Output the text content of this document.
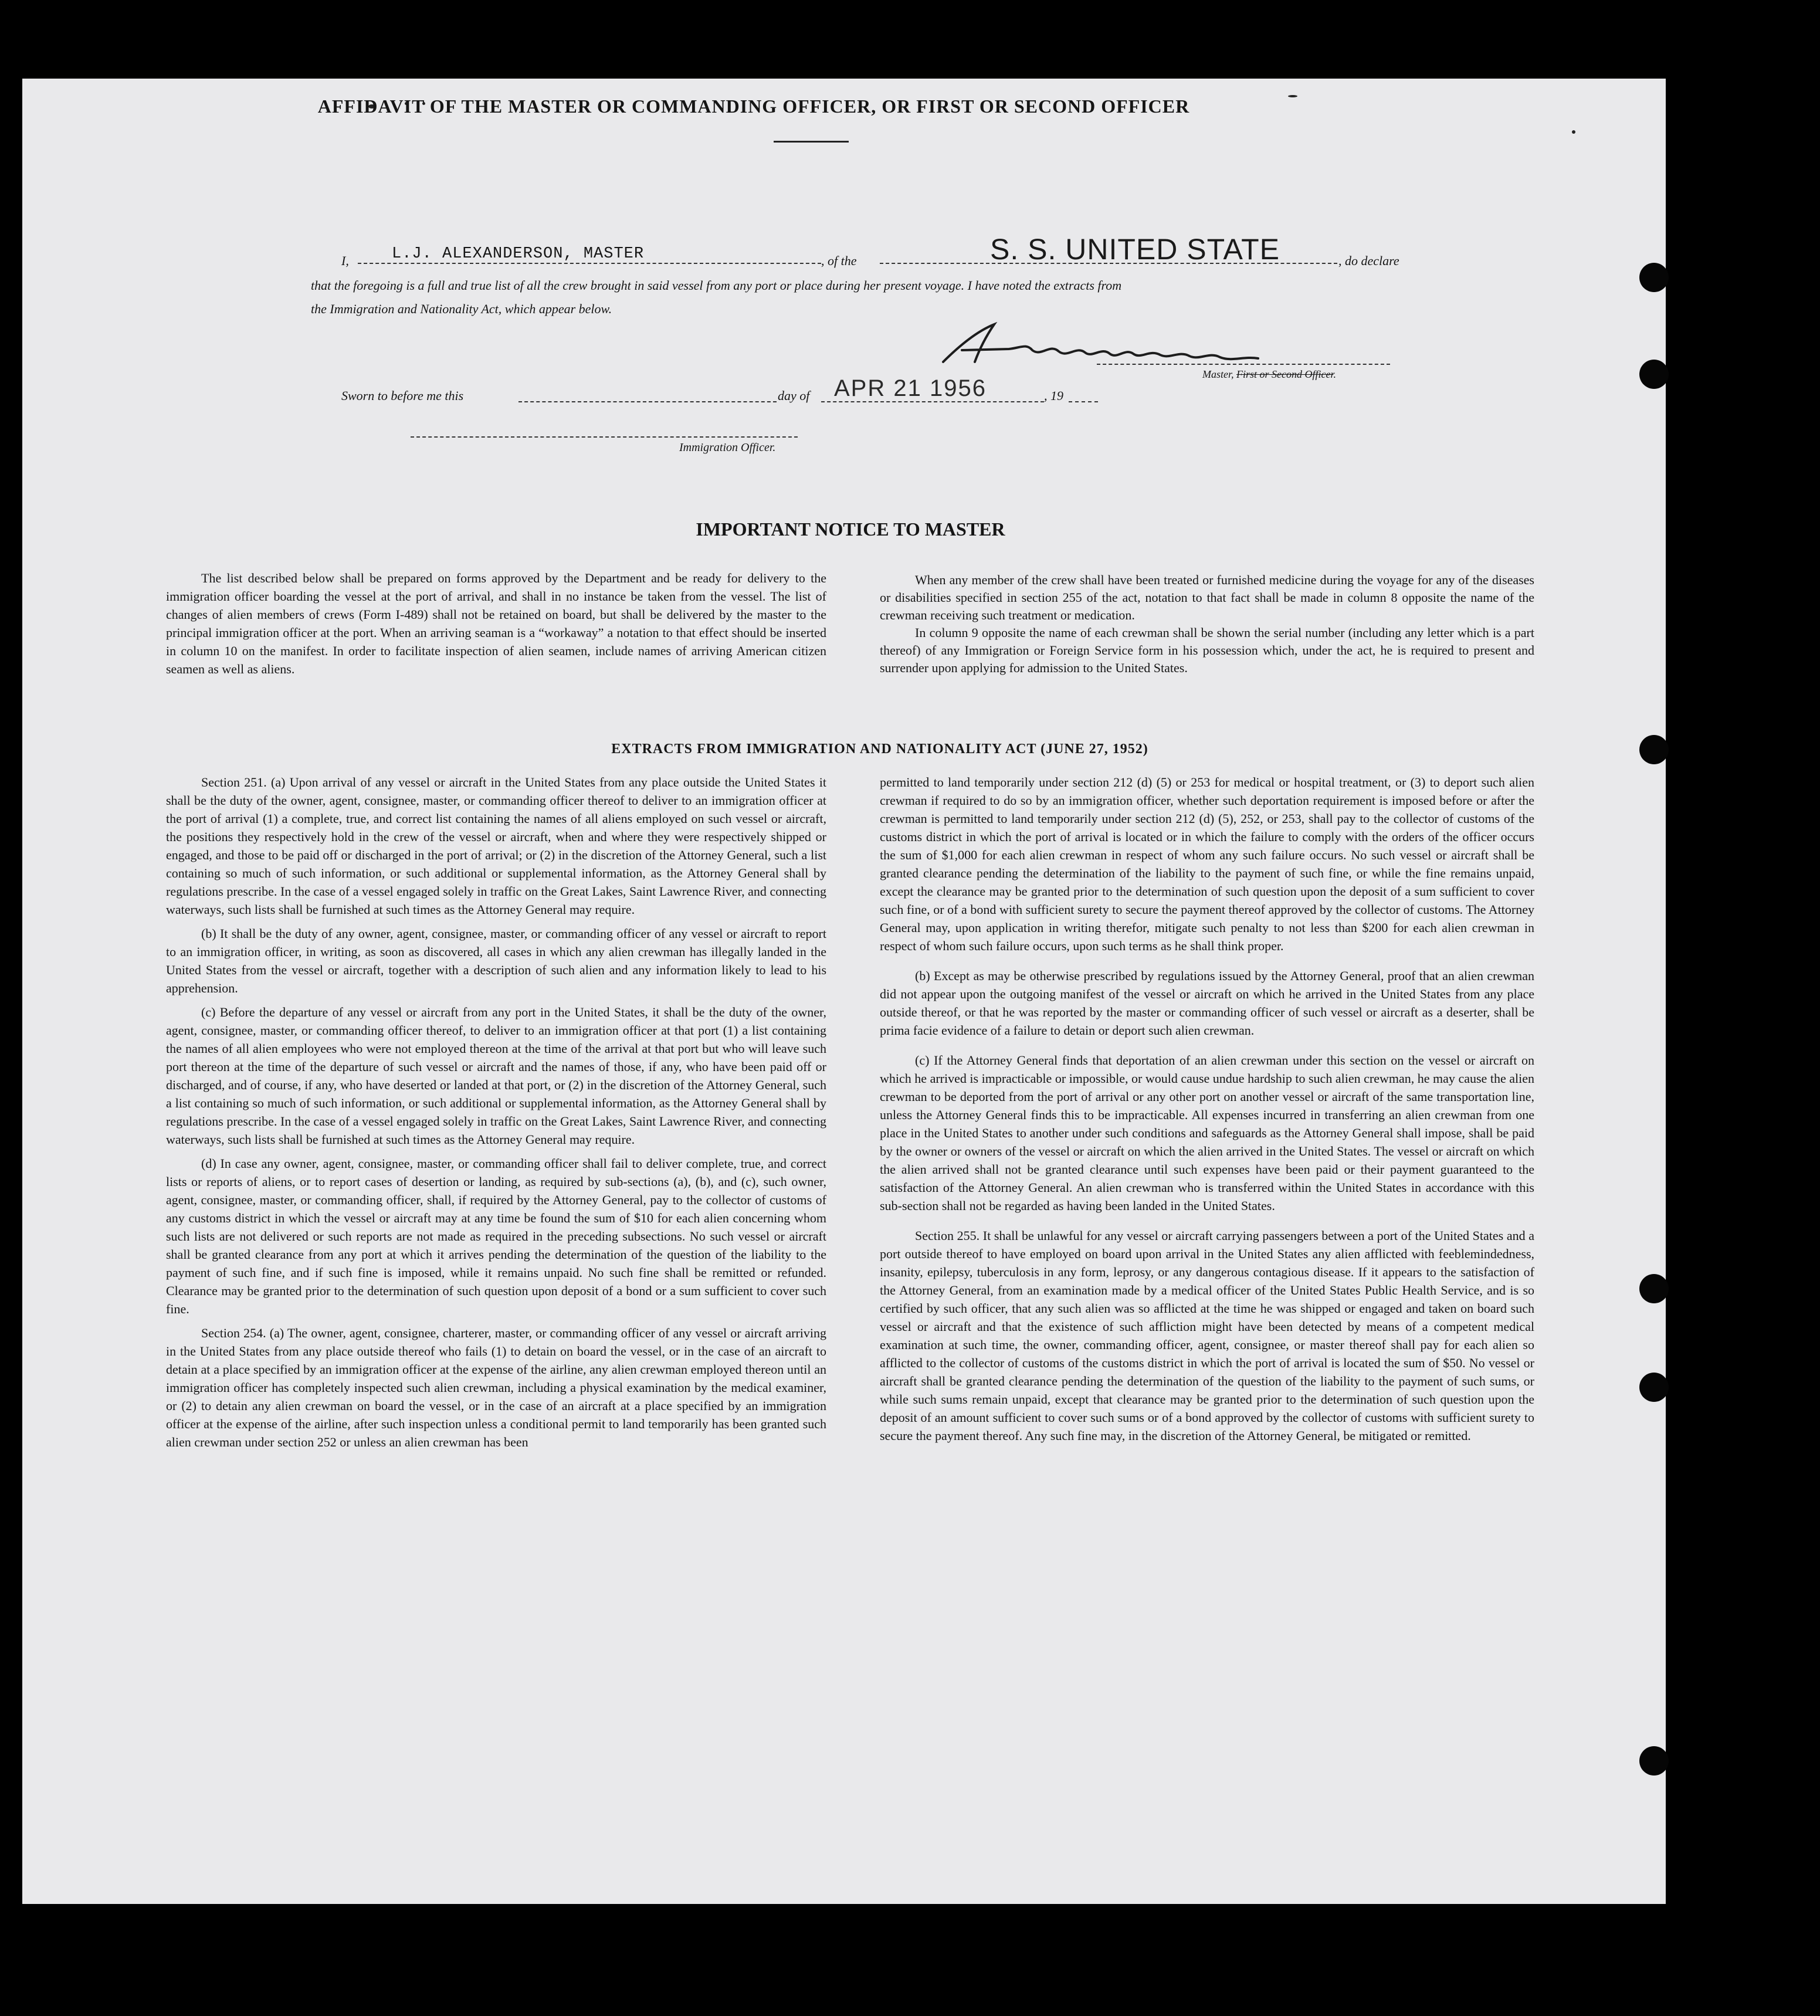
AFFIDAVIT OF THE MASTER OR COMMANDING OFFICER, OR FIRST OR SECOND OFFICER
I,	L.J. ALEXANDERSON, MASTER	, of the	S. S. UNITED STATE	, do declare
that the foregoing is a full and true list of all the crew brought in said vessel from any port or place during her present voyage. I have noted the extracts from
the Immigration and Nationality Act, which appear below.
Master, First or Second Officer.
Sworn to before me this	day of APR 21 1956	, 19
Immigration Officer.
IMPORTANT NOTICE TO MASTER

The list described below shall be prepared on forms approved by the Department and be ready for delivery to the immigration officer boarding the vessel at the port of arrival, and shall in no instance be taken from the vessel. The list of changes of alien members of crews (Form I-489) shall not be retained on board, but shall be delivered by the master to the principal immigration officer at the port. When an arriving seaman is a “workaway” a notation to that effect should be inserted in column 10 on the manifest. In order to facilitate inspection of alien seamen, include names of arriving American citizen seamen as well as aliens.

When any member of the crew shall have been treated or furnished medicine during the voyage for any of the diseases or disabilities specified in section 255 of the act, notation to that fact shall be made in column 8 opposite the name of the crewman receiving such treatment or medication.

In column 9 opposite the name of each crewman shall be shown the serial number (including any letter which is a part thereof) of any Immigration or Foreign Service form in his possession which, under the act, he is required to present and surrender upon applying for admission to the United States.

EXTRACTS FROM IMMIGRATION AND NATIONALITY ACT (JUNE 27, 1952)

Section 251. (a) Upon arrival of any vessel or aircraft in the United States from any place outside the United States it shall be the duty of the owner, agent, consignee, master, or commanding officer thereof to deliver to an immigration officer at the port of arrival (1) a complete, true, and correct list containing the names of all aliens employed on such vessel or aircraft, the positions they respectively hold in the crew of the vessel or aircraft, when and where they were respectively shipped or engaged, and those to be paid off or discharged in the port of arrival; or (2) in the discretion of the Attorney General, such a list containing so much of such information, or such additional or supplemental information, as the Attorney General shall by regulations prescribe. In the case of a vessel engaged solely in traffic on the Great Lakes, Saint Lawrence River, and connecting waterways, such lists shall be furnished at such times as the Attorney General may require.

(b) It shall be the duty of any owner, agent, consignee, master, or commanding officer of any vessel or aircraft to report to an immigration officer, in writing, as soon as discovered, all cases in which any alien crewman has illegally landed in the United States from the vessel or aircraft, together with a description of such alien and any information likely to lead to his apprehension.

(c) Before the departure of any vessel or aircraft from any port in the United States, it shall be the duty of the owner, agent, consignee, master, or commanding officer thereof, to deliver to an immigration officer at that port (1) a list containing the names of all alien employees who were not employed thereon at the time of the arrival at that port but who will leave such port thereon at the time of the departure of such vessel or aircraft and the names of those, if any, who have been paid off or discharged, and of course, if any, who have deserted or landed at that port, or (2) in the discretion of the Attorney General, such a list containing so much of such information, or such additional or supplemental information, as the Attorney General shall by regulations prescribe. In the case of a vessel engaged solely in traffic on the Great Lakes, Saint Lawrence River, and connecting waterways, such lists shall be furnished at such times as the Attorney General may require.

(d) In case any owner, agent, consignee, master, or commanding officer shall fail to deliver complete, true, and correct lists or reports of aliens, or to report cases of desertion or landing, as required by sub-sections (a), (b), and (c), such owner, agent, consignee, master, or commanding officer, shall, if required by the Attorney General, pay to the collector of customs of any customs district in which the vessel or aircraft may at any time be found the sum of $10 for each alien concerning whom such lists are not delivered or such reports are not made as required in the preceding subsections. No such vessel or aircraft shall be granted clearance from any port at which it arrives pending the determination of the question of the liability to the payment of such fine, and if such fine is imposed, while it remains unpaid. No such fine shall be remitted or refunded. Clearance may be granted prior to the determination of such question upon deposit of a bond or a sum sufficient to cover such fine.

Section 254. (a) The owner, agent, consignee, charterer, master, or commanding officer of any vessel or aircraft arriving in the United States from any place outside thereof who fails (1) to detain on board the vessel, or in the case of an aircraft to detain at a place specified by an immigration officer at the expense of the airline, any alien crewman employed thereon until an immigration officer has completely inspected such alien crewman, including a physical examination by the medical examiner, or (2) to detain any alien crewman on board the vessel, or in the case of an aircraft at a place specified by an immigration officer at the expense of the airline, after such inspection unless a conditional permit to land temporarily has been granted such alien crewman under section 252 or unless an alien crewman has been

permitted to land temporarily under section 212 (d) (5) or 253 for medical or hospital treatment, or (3) to deport such alien crewman if required to do so by an immigration officer, whether such deportation requirement is imposed before or after the crewman is permitted to land temporarily under section 212 (d) (5), 252, or 253, shall pay to the collector of customs of the customs district in which the port of arrival is located or in which the failure to comply with the orders of the officer occurs the sum of $1,000 for each alien crewman in respect of whom any such failure occurs. No such vessel or aircraft shall be granted clearance pending the determination of the liability to the payment of such fine, or while the fine remains unpaid, except the clearance may be granted prior to the determination of such question upon the deposit of a sum sufficient to cover such fine, or of a bond with sufficient surety to secure the payment thereof approved by the collector of customs. The Attorney General may, upon application in writing therefor, mitigate such penalty to not less than $200 for each alien crewman in respect of whom such failure occurs, upon such terms as he shall think proper.

(b) Except as may be otherwise prescribed by regulations issued by the Attorney General, proof that an alien crewman did not appear upon the outgoing manifest of the vessel or aircraft on which he arrived in the United States from any place outside thereof, or that he was reported by the master or commanding officer of such vessel or aircraft as a deserter, shall be prima facie evidence of a failure to detain or deport such alien crewman.

(c) If the Attorney General finds that deportation of an alien crewman under this section on the vessel or aircraft on which he arrived is impracticable or impossible, or would cause undue hardship to such alien crewman, he may cause the alien crewman to be deported from the port of arrival or any other port on another vessel or aircraft of the same transportation line, unless the Attorney General finds this to be impracticable. All expenses incurred in transferring an alien crewman from one place in the United States to another under such conditions and safeguards as the Attorney General shall impose, shall be paid by the owner or owners of the vessel or aircraft on which the alien arrived in the United States. The vessel or aircraft on which the alien arrived shall not be granted clearance until such expenses have been paid or their payment guaranteed to the satisfaction of the Attorney General. An alien crewman who is transferred within the United States in accordance with this sub-section shall not be regarded as having been landed in the United States.

Section 255. It shall be unlawful for any vessel or aircraft carrying passengers between a port of the United States and a port outside thereof to have employed on board upon arrival in the United States any alien afflicted with feeblemindedness, insanity, epilepsy, tuberculosis in any form, leprosy, or any dangerous contagious disease. If it appears to the satisfaction of the Attorney General, from an examination made by a medical officer of the United States Public Health Service, and is so certified by such officer, that any such alien was so afflicted at the time he was shipped or engaged and taken on board such vessel or aircraft and that the existence of such affliction might have been detected by means of a competent medical examination at such time, the owner, commanding officer, agent, consignee, or master thereof shall pay for each alien so afflicted to the collector of customs of the customs district in which the port of arrival is located the sum of $50. No vessel or aircraft shall be granted clearance pending the determination of the question of the liability to the payment of such sums, or while such sums remain unpaid, except that clearance may be granted prior to the determination of such question upon the deposit of an amount sufficient to cover such sums or of a bond approved by the collector of customs with sufficient surety to secure the payment thereof. Any such fine may, in the discretion of the Attorney General, be mitigated or remitted.
